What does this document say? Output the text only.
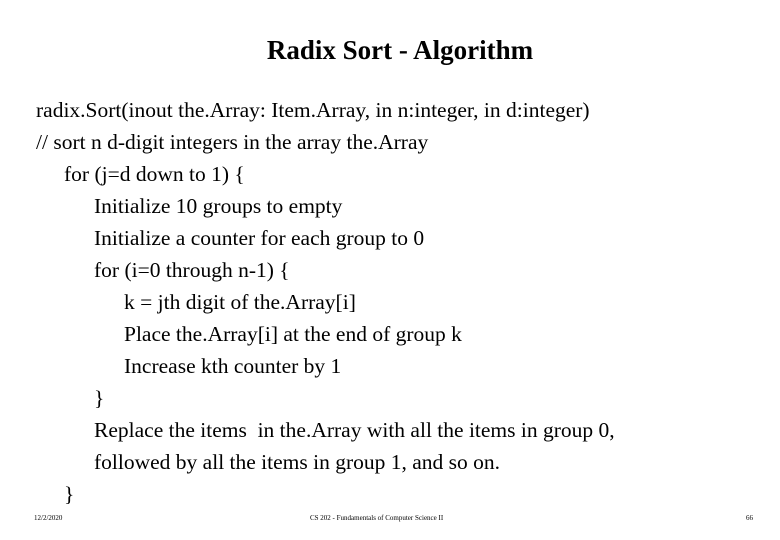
Radix Sort - Algorithm
radix.Sort(inout the.Array: Item.Array, in n:integer, in d:integer)
// sort n d-digit integers in the array the.Array
for (j=d down to 1) {
Initialize 10 groups to empty
Initialize a counter for each group to 0
for (i=0 through n-1) {
k = jth digit of the.Array[i]
Place the.Array[i] at the end of group k
Increase kth counter by 1
}
Replace the items  in the.Array with all the items in group 0,
followed by all the items in group 1, and so on.
}
12/2/2020	CS 202 - Fundamentals of Computer Science II	66
